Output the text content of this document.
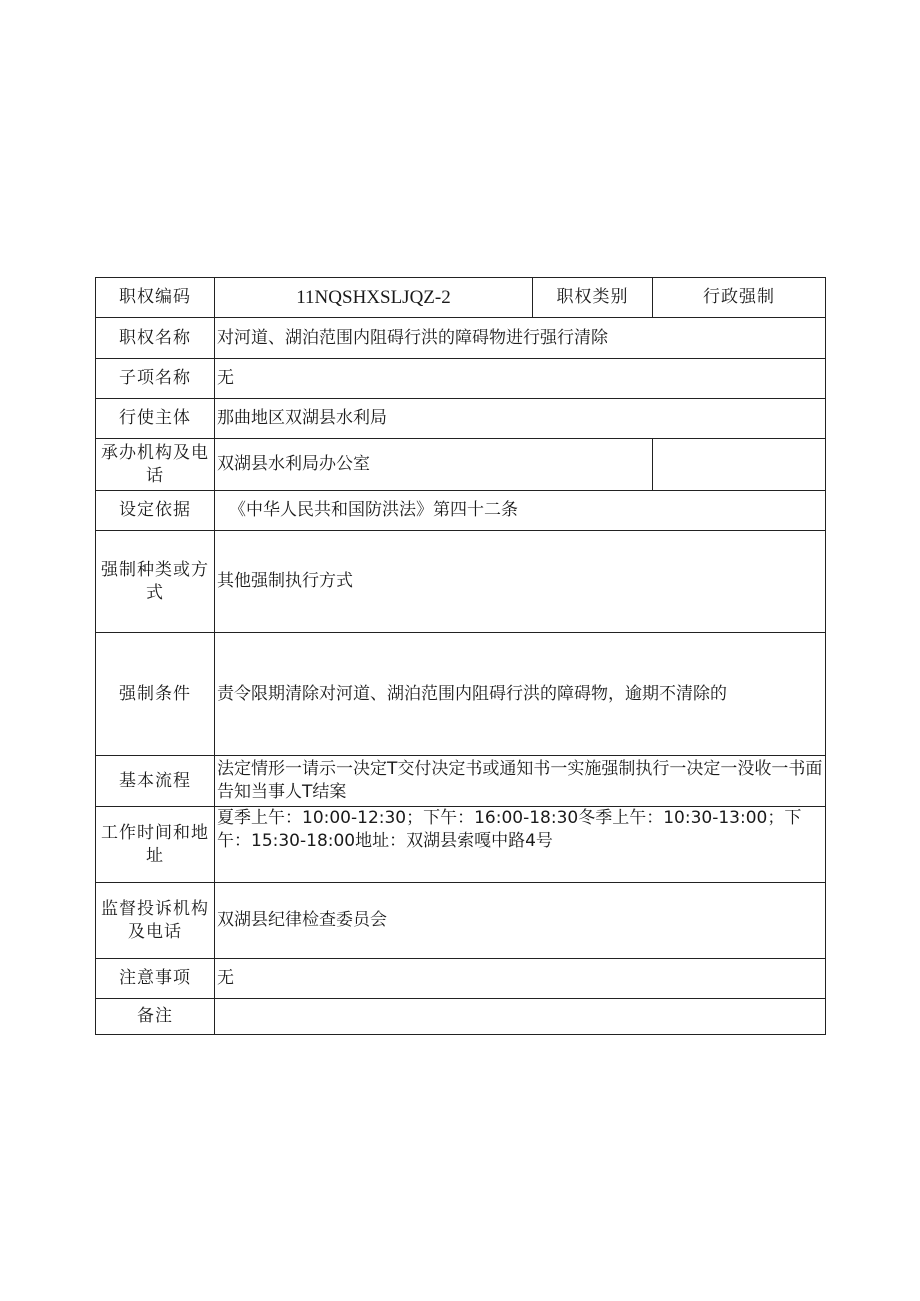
职权编码	11NQSHXSLJQZ-2	职权类别	行政强制
职权名称	对河道、湖泊范围内阻碍行洪的障碍物进行强行清除		
子项名称	无		
行使主体	那曲地区双湖县水利局		
承办机构及电话	双湖县水利局办公室		
设定依据	《中华人民共和国防洪法》第四十二条		
强制种类或方式	其他强制执行方式		
强制条件	责令限期清除对河道、湖泊范围内阻碍行洪的障碍物，逾期不清除的		
基本流程	法定情形一请示一决定T交付决定书或通知书一实施强制执行一决定一没收一书面告知当事人T结案		
工作时间和地址	夏季上午：10:00-12:30；下午：16:00-18:30冬季上午：10:30-13:00；下午：15:30-18:00地址：双湖县索嘎中路4号		
监督投诉机构及电话	双湖县纪律检查委员会		
注意事项	无		
备注			
